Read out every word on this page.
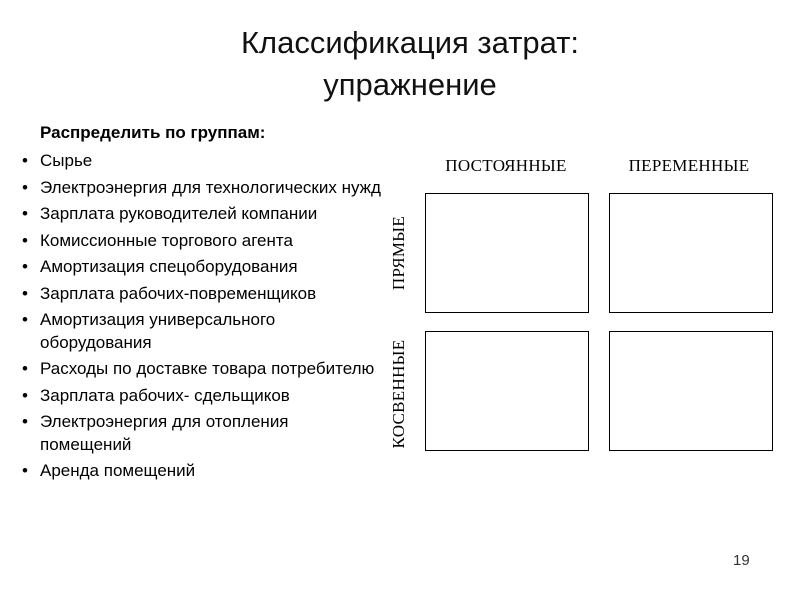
Классификация затрат:
упражнение
Распределить по группам:
• Сырье
• Электроэнергия для технологических нужд
• Зарплата руководителей компании
• Комиссионные торгового агента
• Амортизация спецоборудования
• Зарплата рабочих-повременщиков
• Амортизация универсального оборудования
• Расходы по доставке товара потребителю
• Зарплата рабочих- сдельщиков
• Электроэнергия для отопления помещений
• Аренда помещений
ПОСТОЯННЫЕ	ПЕРЕМЕННЫЕ
ПРЯМЫЕ
КОСВЕННЫЕ
19
